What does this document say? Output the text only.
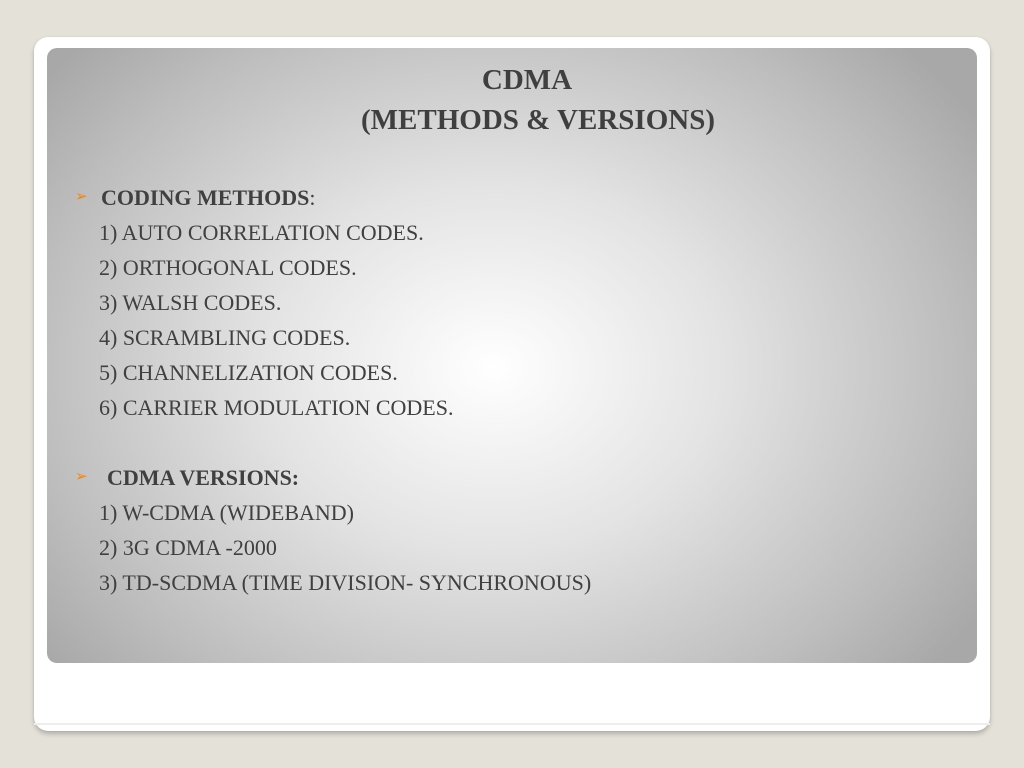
CDMA
(METHODS & VERSIONS)
➢ CODING METHODS:
1) AUTO CORRELATION CODES.
2) ORTHOGONAL CODES.
3) WALSH CODES.
4) SCRAMBLING CODES.
5) CHANNELIZATION CODES.
6) CARRIER MODULATION CODES.
➢ CDMA VERSIONS:
1) W-CDMA (WIDEBAND)
2) 3G CDMA -2000
3) TD-SCDMA (TIME DIVISION- SYNCHRONOUS)
